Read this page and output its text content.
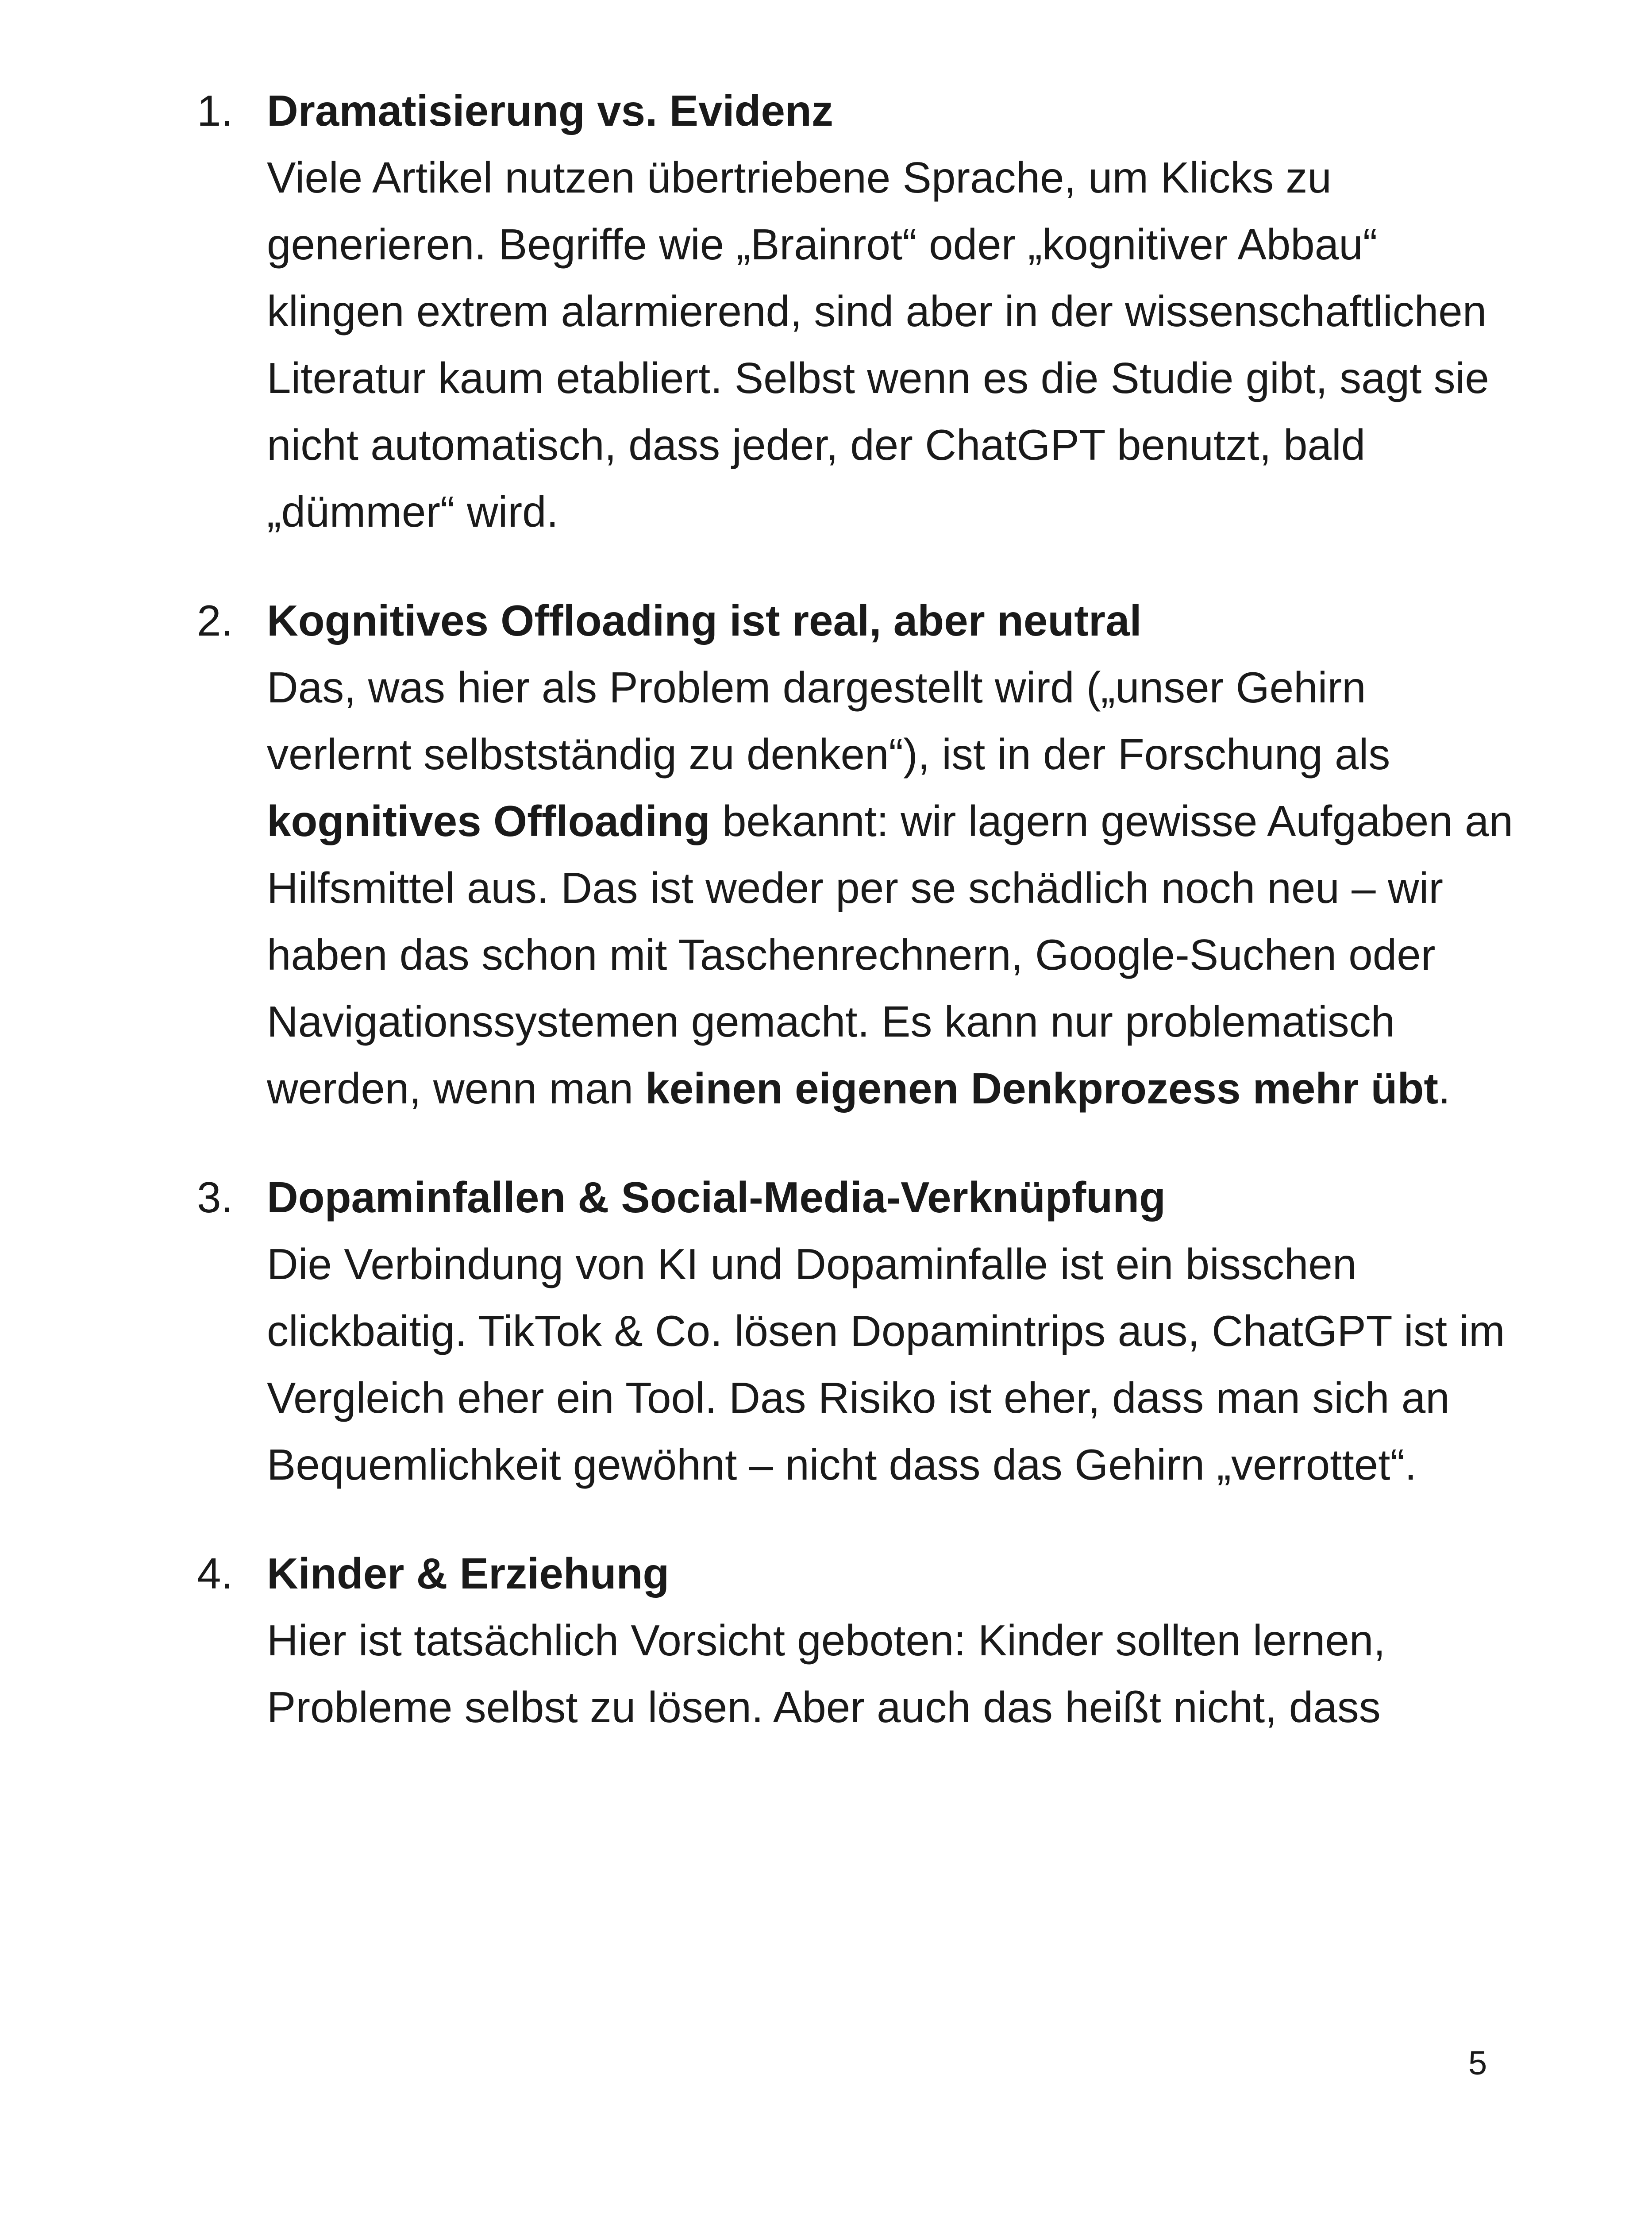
1. Dramatisierung vs. Evidenz
Viele Artikel nutzen übertriebene Sprache, um Klicks zu generieren. Begriffe wie „Brainrot“ oder „kognitiver Abbau“ klingen extrem alarmierend, sind aber in der wissenschaftlichen Literatur kaum etabliert. Selbst wenn es die Studie gibt, sagt sie nicht automatisch, dass jeder, der ChatGPT benutzt, bald „dümmer“ wird.
2. Kognitives Offloading ist real, aber neutral
Das, was hier als Problem dargestellt wird („unser Gehirn verlernt selbstständig zu denken“), ist in der Forschung als kognitives Offloading bekannt: wir lagern gewisse Aufgaben an Hilfsmittel aus. Das ist weder per se schädlich noch neu – wir haben das schon mit Taschenrechnern, Google-Suchen oder Navigationssystemen gemacht. Es kann nur problematisch werden, wenn man keinen eigenen Denkprozess mehr übt.
3. Dopaminfallen & Social-Media-Verknüpfung
Die Verbindung von KI und Dopaminfalle ist ein bisschen clickbaitig. TikTok & Co. lösen Dopamintrips aus, ChatGPT ist im Vergleich eher ein Tool. Das Risiko ist eher, dass man sich an Bequemlichkeit gewöhnt – nicht dass das Gehirn „verrottet“.
4. Kinder & Erziehung
Hier ist tatsächlich Vorsicht geboten: Kinder sollten lernen, Probleme selbst zu lösen. Aber auch das heißt nicht, dass
5
